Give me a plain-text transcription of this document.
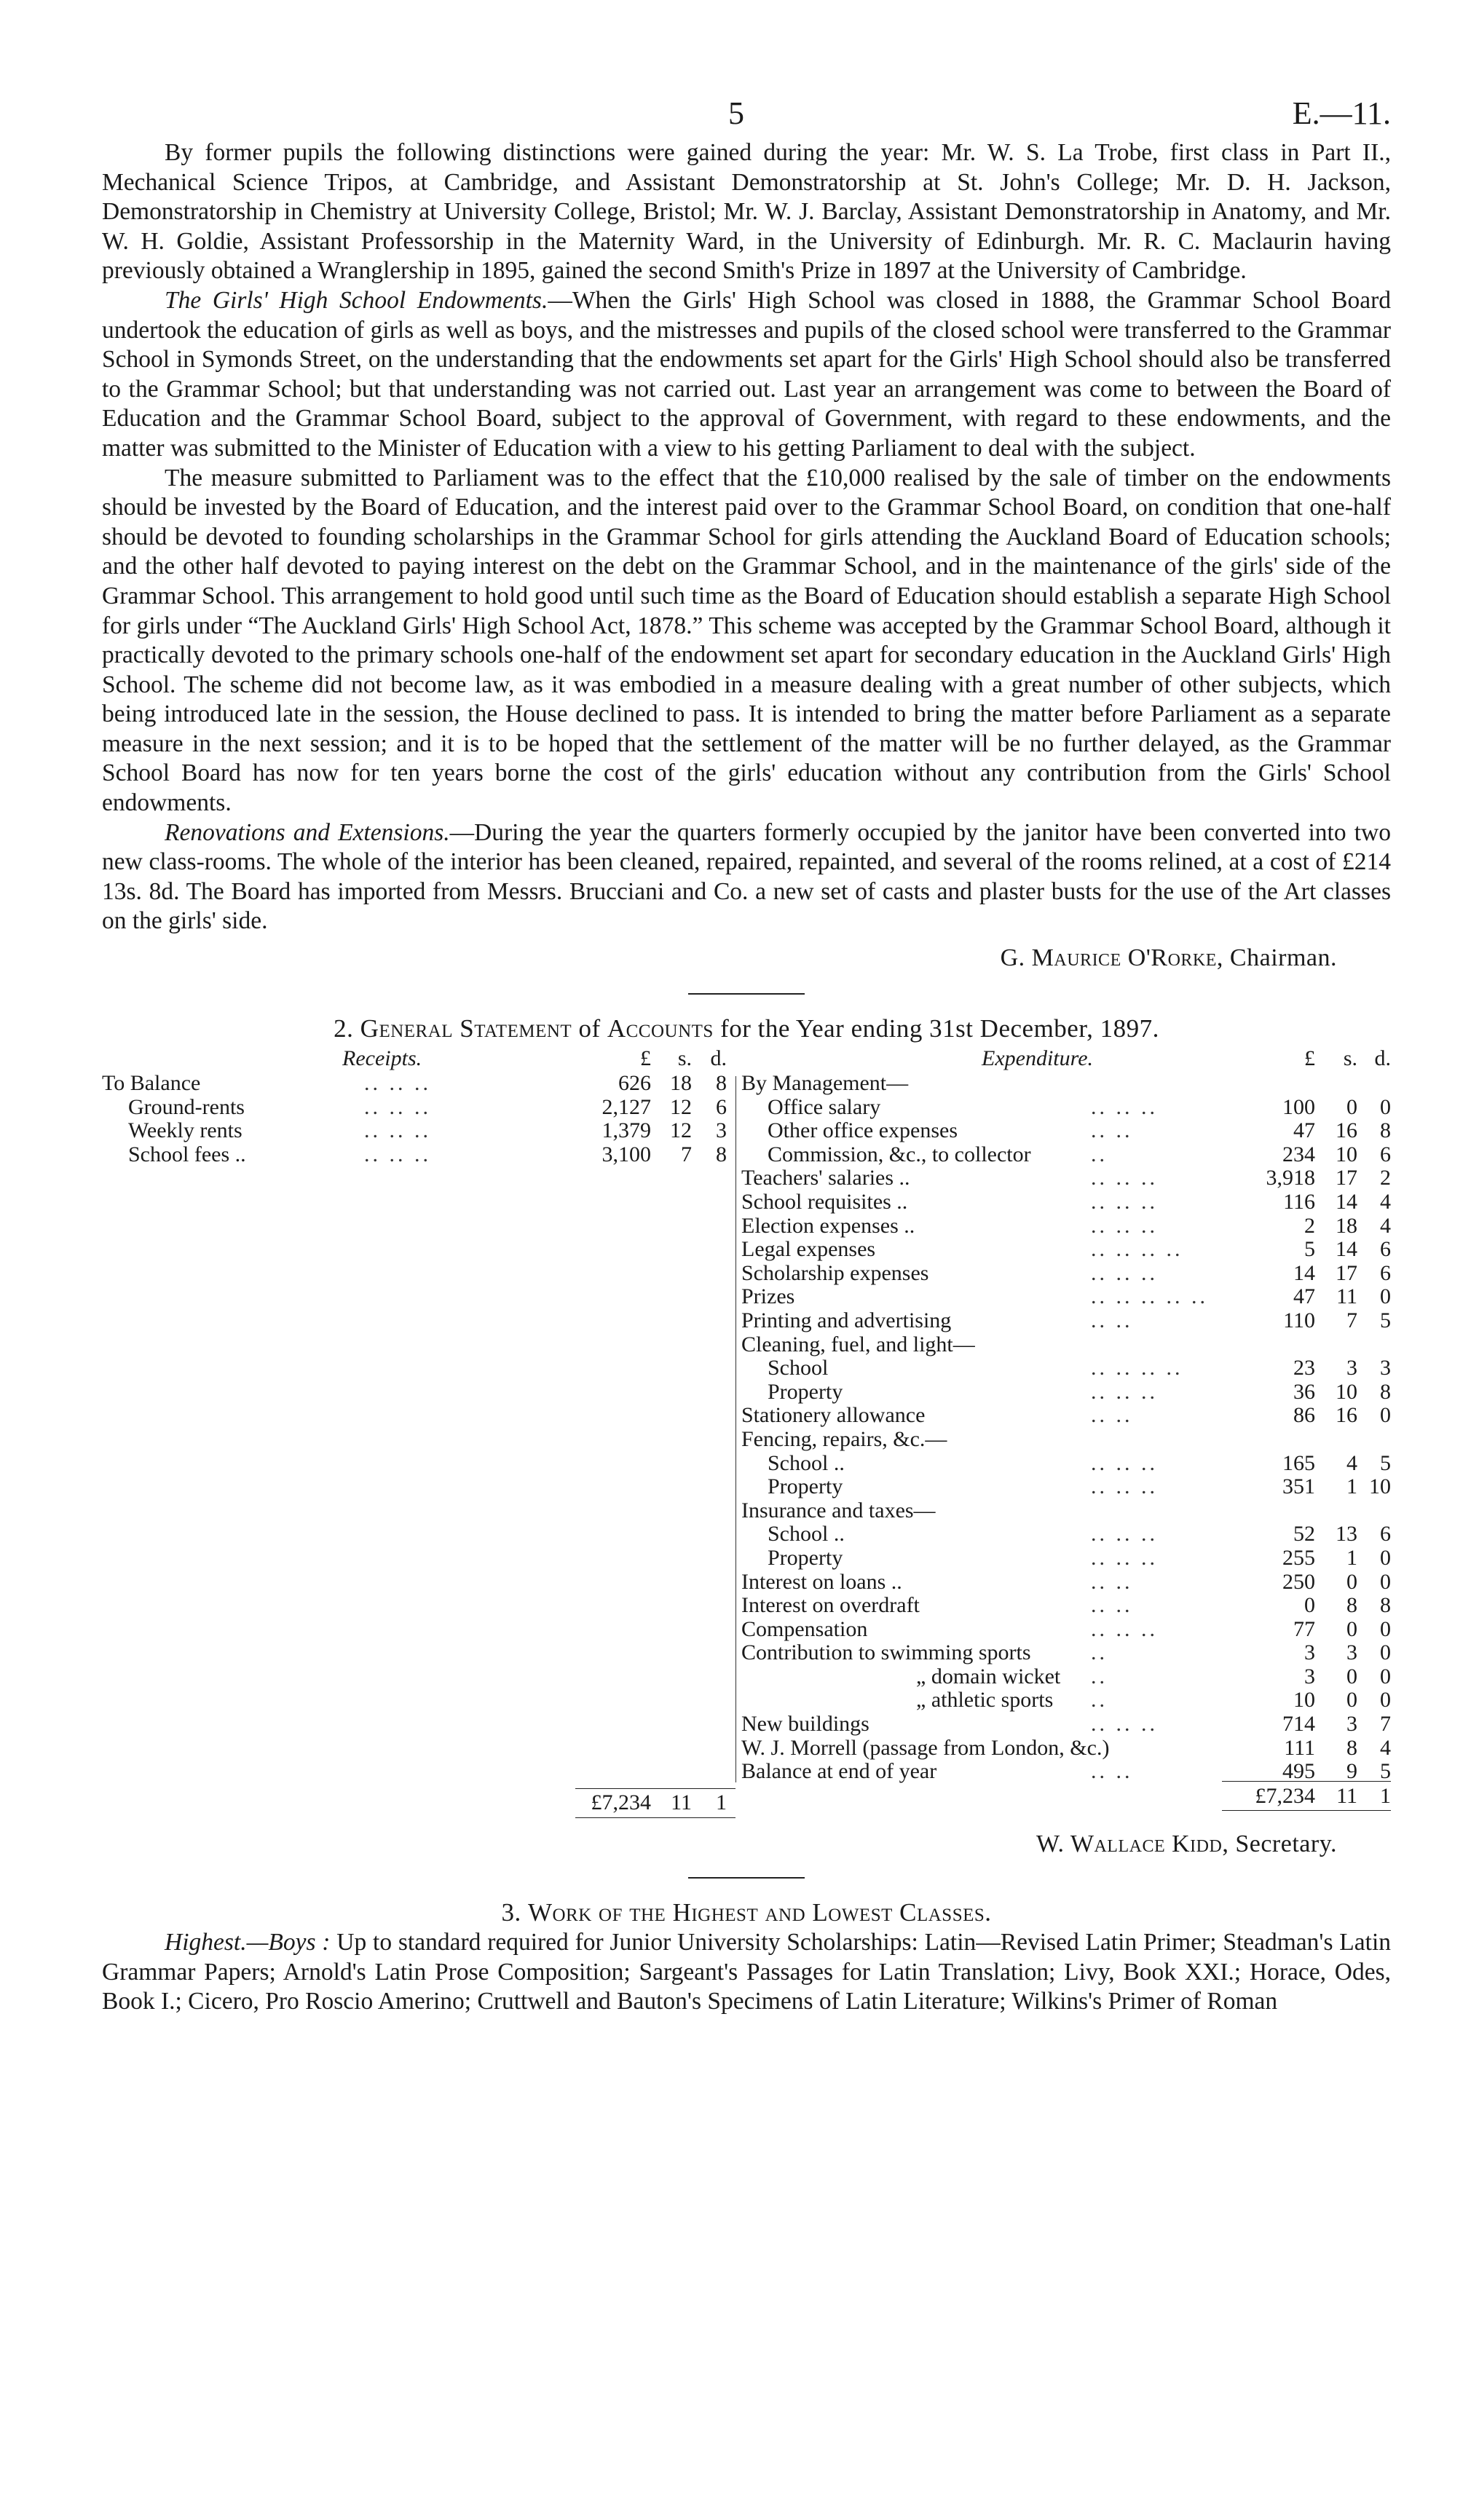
5	E.—11.

By former pupils the following distinctions were gained during the year: Mr. W. S. La Trobe, first class in Part II., Mechanical Science Tripos, at Cambridge, and Assistant Demonstratorship at St. John's College; Mr. D. H. Jackson, Demonstratorship in Chemistry at University College, Bristol; Mr. W. J. Barclay, Assistant Demonstratorship in Anatomy, and Mr. W. H. Goldie, Assistant Professorship in the Maternity Ward, in the University of Edinburgh. Mr. R. C. Maclaurin having previously obtained a Wranglership in 1895, gained the second Smith's Prize in 1897 at the University of Cambridge.

The Girls' High School Endowments.—When the Girls' High School was closed in 1888, the Grammar School Board undertook the education of girls as well as boys, and the mistresses and pupils of the closed school were transferred to the Grammar School in Symonds Street, on the understanding that the endowments set apart for the Girls' High School should also be transferred to the Grammar School; but that understanding was not carried out. Last year an arrangement was come to between the Board of Education and the Grammar School Board, subject to the approval of Government, with regard to these endowments, and the matter was submitted to the Minister of Education with a view to his getting Parliament to deal with the subject.

The measure submitted to Parliament was to the effect that the £10,000 realised by the sale of timber on the endowments should be invested by the Board of Education, and the interest paid over to the Grammar School Board, on condition that one-half should be devoted to founding scholarships in the Grammar School for girls attending the Auckland Board of Education schools; and the other half devoted to paying interest on the debt on the Grammar School, and in the maintenance of the girls' side of the Grammar School. This arrangement to hold good until such time as the Board of Education should establish a separate High School for girls under “The Auckland Girls' High School Act, 1878.” This scheme was accepted by the Grammar School Board, although it practically devoted to the primary schools one-half of the endowment set apart for secondary education in the Auckland Girls' High School. The scheme did not become law, as it was embodied in a measure dealing with a great number of other subjects, which being introduced late in the session, the House declined to pass. It is intended to bring the matter before Parliament as a separate measure in the next session; and it is to be hoped that the settlement of the matter will be no further delayed, as the Grammar School Board has now for ten years borne the cost of the girls' education without any contribution from the Girls' School endowments.

Renovations and Extensions.—During the year the quarters formerly occupied by the janitor have been converted into two new class-rooms. The whole of the interior has been cleaned, repaired, repainted, and several of the rooms relined, at a cost of £214 13s. 8d. The Board has imported from Messrs. Brucciani and Co. a new set of casts and plaster busts for the use of the Art classes on the girls' side.

G. Maurice O'Rorke, Chairman.
2. General Statement of Accounts for the Year ending 31st December, 1897.
Receipts.	£	s. d.
To Balance	.. .. ..	626 18	8
Ground-rents	.. .. ..	2,127 12	6
Weekly rents	.. .. ..	1,379 12	3
School fees ..	.. .. ..	3,100	7	8
Expenditure.	£	s. d.
By Management—
Office salary	.. .. ..	100	0	0
Other office expenses	.. ..	47 16	8
Commission, &c., to collector	..	234 10	6
Teachers' salaries ..	.. .. ..	3,918 17	2
School requisites ..	.. .. ..	116 14	4
Election expenses ..	.. .. ..	2 18	4
Legal expenses	.. .. .. ..	5 14	6
Scholarship expenses	.. .. ..	14 17	6
Prizes	.. .. .. .. ..	47 11	0
Printing and advertising	.. ..	110	7	5
Cleaning, fuel, and light—
School	.. .. .. ..	23	3	3
Property	.. .. ..	36 10	8
Stationery allowance	.. ..	86 16	0
Fencing, repairs, &c.—
School ..	.. .. ..	165	4	5
Property	.. .. ..	351	1 10
Insurance and taxes—
School ..	.. .. ..	52 13	6
Property	.. .. ..	255	1	0
Interest on loans ..	.. ..	250	0	0
Interest on overdraft	.. ..	0	8	8
Compensation	.. .. ..	77	0	0
Contribution to swimming sports	..	3	3	0
„ domain wicket ..	3	0	0
„ athletic sports ..	10	0	0
New buildings	.. .. ..	714	3	7
W. J. Morrell (passage from London, &c.)	111	8	4
Balance at end of year	.. ..	495	9	5
£7,234 11	1	£7,234 11	1
W. Wallace Kidd, Secretary.
3. Work of the Highest and Lowest Classes.

Highest.—Boys : Up to standard required for Junior University Scholarships: Latin—Revised Latin Primer; Steadman's Latin Grammar Papers; Arnold's Latin Prose Composition; Sargeant's Passages for Latin Translation; Livy, Book XXI.; Horace, Odes, Book I.; Cicero, Pro Roscio Amerino; Cruttwell and Bauton's Specimens of Latin Literature; Wilkins's Primer of Roman
